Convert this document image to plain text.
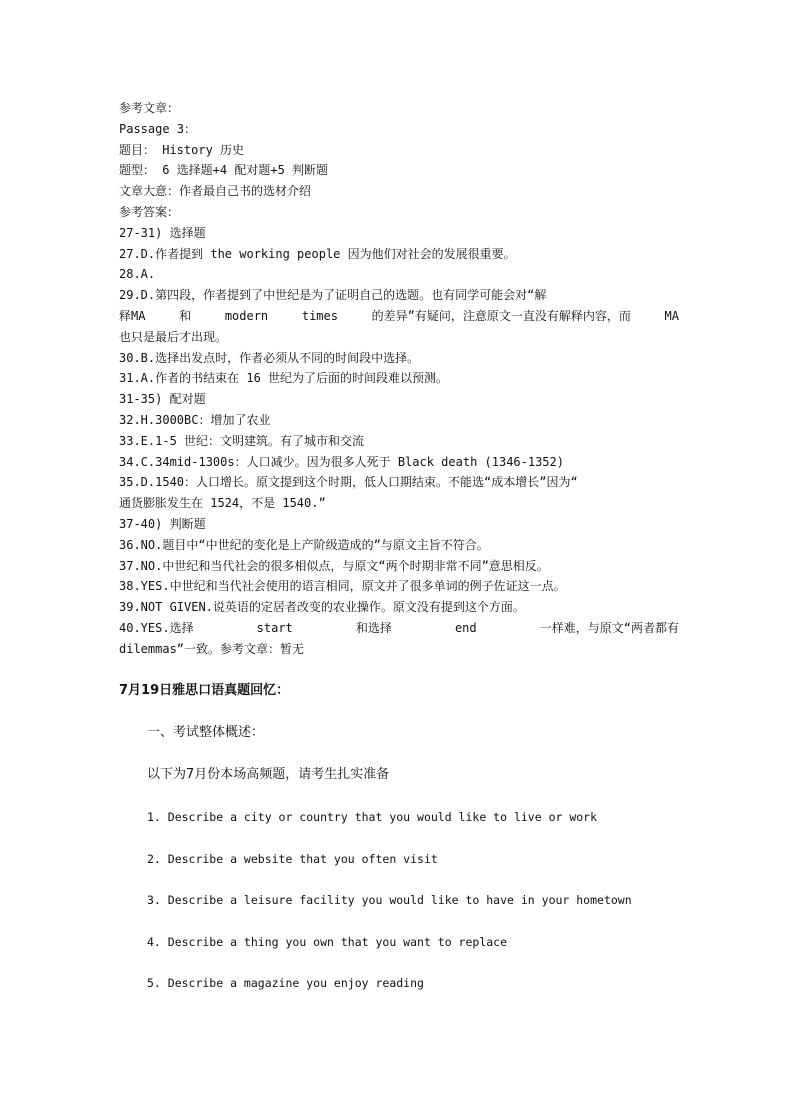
参考文章：
Passage 3：
题目： History 历史
题型： 6 选择题+4 配对题+5 判断题
文章大意：作者最自己书的选材介绍
参考答案：
27-31) 选择题
27.D.作者提到 the working people 因为他们对社会的发展很重要。
28.A.
29.D.第四段，作者提到了中世纪是为了证明自己的选题。也有同学可能会对“解
释MA	和	modern	times	的差异”有疑问，注意原文一直没有解释内容，而	MA
也只是最后才出现。
30.B.选择出发点时，作者必须从不同的时间段中选择。
31.A.作者的书结束在 16 世纪为了后面的时间段难以预测。
31-35) 配对题
32.H.3000BC：增加了农业
33.E.1-5 世纪：文明建筑。有了城市和交流
34.C.34mid-1300s：人口减少。因为很多人死于 Black death (1346-1352)
35.D.1540：人口增长。原文提到这个时期，低人口期结束。不能选“成本增长”因为“
通货膨胀发生在 1524，不是 1540.”
37-40) 判断题
36.NO.题目中“中世纪的变化是上产阶级造成的”与原文主旨不符合。
37.NO.中世纪和当代社会的很多相似点，与原文“两个时期非常不同”意思相反。
38.YES.中世纪和当代社会使用的语言相同，原文并了很多单词的例子佐证这一点。
39.NOT GIVEN.说英语的定居者改变的农业操作。原文没有提到这个方面。
40.YES.选择	start	和选择	end	一样难，与原文“两者都有
dilemmas”一致。参考文章：暂无
7月19日雅思口语真题回忆：
一、考试整体概述：
以下为7月份本场高频题，请考生扎实准备
1. Describe a city or country that you would like to live or work
2. Describe a website that you often visit
3. Describe a leisure facility you would like to have in your hometown
4. Describe a thing you own that you want to replace
5. Describe a magazine you enjoy reading
